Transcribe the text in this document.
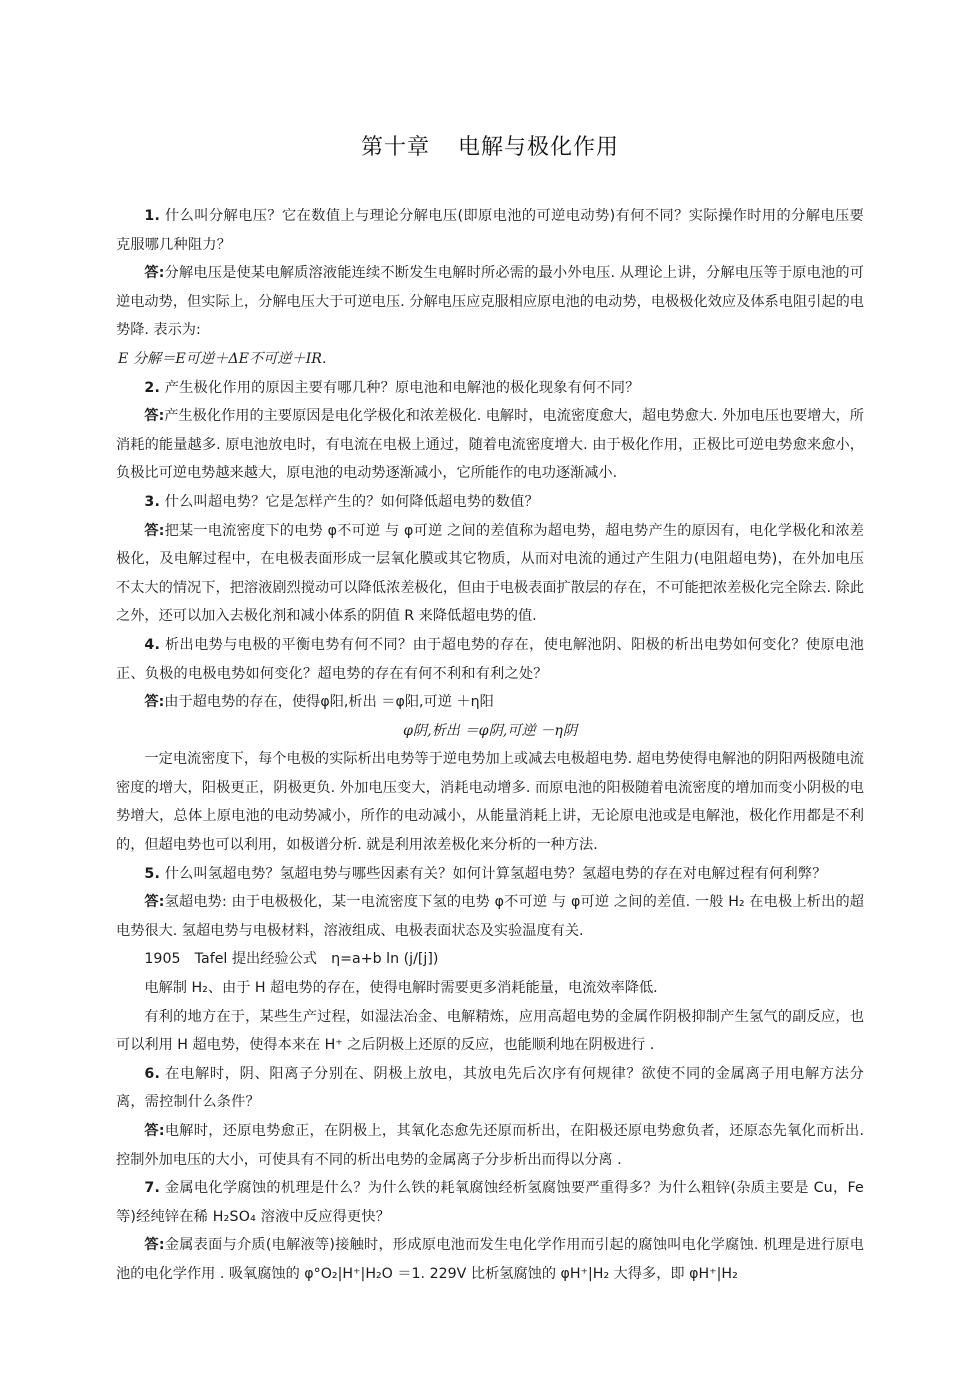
第十章 电解与极化作用

1. 什么叫分解电压？它在数值上与理论分解电压(即原电池的可逆电动势)有何不同？实际操作时用的分解电压要克服哪几种阻力？

答:分解电压是使某电解质溶液能连续不断发生电解时所必需的最小外电压. 从理论上讲，分解电压等于原电池的可逆电动势，但实际上，分解电压大于可逆电压. 分解电压应克服相应原电池的电动势，电极极化效应及体系电阻引起的电势降. 表示为:

E 分解＝E可逆＋ΔE不可逆＋IR.

2. 产生极化作用的原因主要有哪几种？原电池和电解池的极化现象有何不同？

答:产生极化作用的主要原因是电化学极化和浓差极化. 电解时，电流密度愈大，超电势愈大. 外加电压也要增大，所消耗的能量越多. 原电池放电时，有电流在电极上通过，随着电流密度增大. 由于极化作用，正极比可逆电势愈来愈小，负极比可逆电势越来越大，原电池的电动势逐渐减小，它所能作的电功逐渐减小.

3. 什么叫超电势？它是怎样产生的？如何降低超电势的数值？

答:把某一电流密度下的电势 φ不可逆 与 φ可逆 之间的差值称为超电势，超电势产生的原因有，电化学极化和浓差极化，及电解过程中，在电极表面形成一层氧化膜或其它物质，从而对电流的通过产生阻力(电阻超电势)，在外加电压不太大的情况下，把溶液剧烈搅动可以降低浓差极化，但由于电极表面扩散层的存在，不可能把浓差极化完全除去. 除此之外，还可以加入去极化剂和减小体系的阴值 R 来降低超电势的值.

4. 析出电势与电极的平衡电势有何不同？由于超电势的存在，使电解池阴、阳极的析出电势如何变化？使原电池正、负极的电极电势如何变化？超电势的存在有何不利和有利之处？

答:由于超电势的存在，使得φ阳,析出 ＝φ阳,可逆 ＋η阳

φ阴,析出 ＝φ阴,可逆 －η阴

一定电流密度下，每个电极的实际析出电势等于逆电势加上或减去电极超电势. 超电势使得电解池的阴阳两极随电流密度的增大，阳极更正，阴极更负. 外加电压变大，消耗电动增多. 而原电池的阳极随着电流密度的增加而变小阴极的电势增大，总体上原电池的电动势减小，所作的电动减小，从能量消耗上讲，无论原电池或是电解池，极化作用都是不利的，但超电势也可以利用，如极谱分析. 就是利用浓差极化来分析的一种方法.

5. 什么叫氢超电势？氢超电势与哪些因素有关？如何计算氢超电势？氢超电势的存在对电解过程有何利弊？

答:氢超电势: 由于电极极化，某一电流密度下氢的电势 φ不可逆 与 φ可逆 之间的差值. 一般 H₂ 在电极上析出的超电势很大. 氢超电势与电极材料，溶液组成、电极表面状态及实验温度有关.

1905　Tafel 提出经验公式　η=a+b ln (j/[j])

电解制 H₂、由于 H 超电势的存在，使得电解时需要更多消耗能量，电流效率降低.

有利的地方在于，某些生产过程，如湿法冶金、电解精炼，应用高超电势的金属作阴极抑制产生氢气的副反应，也可以利用 H 超电势，使得本来在 H⁺ 之后阴极上还原的反应，也能顺利地在阴极进行 .

6. 在电解时，阴、阳离子分别在、阴极上放电，其放电先后次序有何规律？欲使不同的金属离子用电解方法分离，需控制什么条件？

答:电解时，还原电势愈正，在阴极上，其氧化态愈先还原而析出，在阳极还原电势愈负者，还原态先氧化而析出. 控制外加电压的大小，可使具有不同的析出电势的金属离子分步析出而得以分离 .

7. 金属电化学腐蚀的机理是什么？为什么铁的耗氧腐蚀经析氢腐蚀要严重得多？为什么粗锌(杂质主要是 Cu，Fe 等)经纯锌在稀 H₂SO₄ 溶液中反应得更快？

答:金属表面与介质(电解液等)接触时，形成原电池而发生电化学作用而引起的腐蚀叫电化学腐蚀. 机理是进行原电池的电化学作用 . 吸氧腐蚀的 φ°O₂|H⁺|H₂O ＝1. 229V 比析氢腐蚀的 φH⁺|H₂ 大得多，即 φH⁺|H₂
